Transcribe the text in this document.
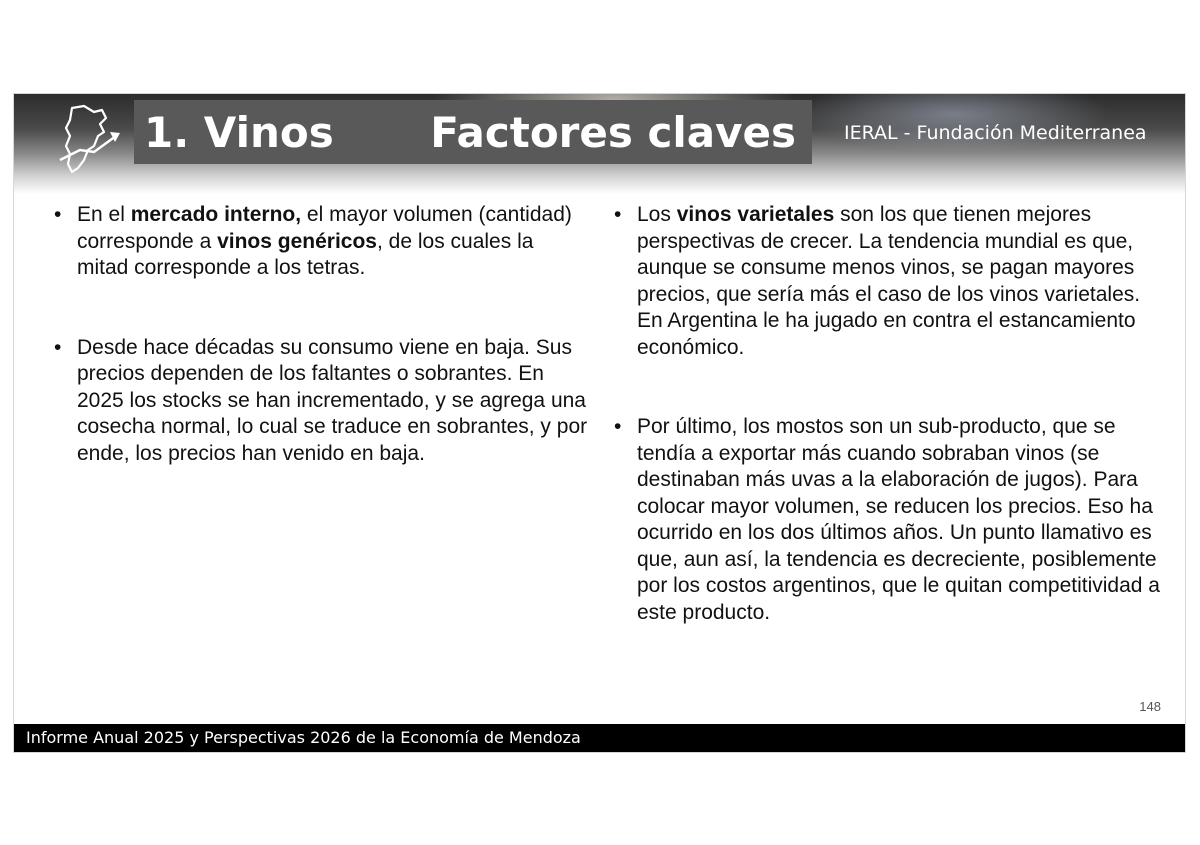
1. Vinos Factores claves	IERAL - Fundación Mediterranea
• En el mercado interno, el mayor volumen (cantidad) corresponde a vinos genéricos, de los cuales la mitad corresponde a los tetras.
• Desde hace décadas su consumo viene en baja. Sus precios dependen de los faltantes o sobrantes. En 2025 los stocks se han incrementado, y se agrega una cosecha normal, lo cual se traduce en sobrantes, y por ende, los precios han venido en baja.
• Los vinos varietales son los que tienen mejores perspectivas de crecer. La tendencia mundial es que, aunque se consume menos vinos, se pagan mayores precios, que sería más el caso de los vinos varietales. En Argentina le ha jugado en contra el estancamiento económico.
• Por último, los mostos son un sub-producto, que se tendía a exportar más cuando sobraban vinos (se destinaban más uvas a la elaboración de jugos). Para colocar mayor volumen, se reducen los precios. Eso ha ocurrido en los dos últimos años. Un punto llamativo es que, aun así, la tendencia es decreciente, posiblemente por los costos argentinos, que le quitan competitividad a este producto.
148
Informe Anual 2025 y Perspectivas 2026 de la Economía de Mendoza
